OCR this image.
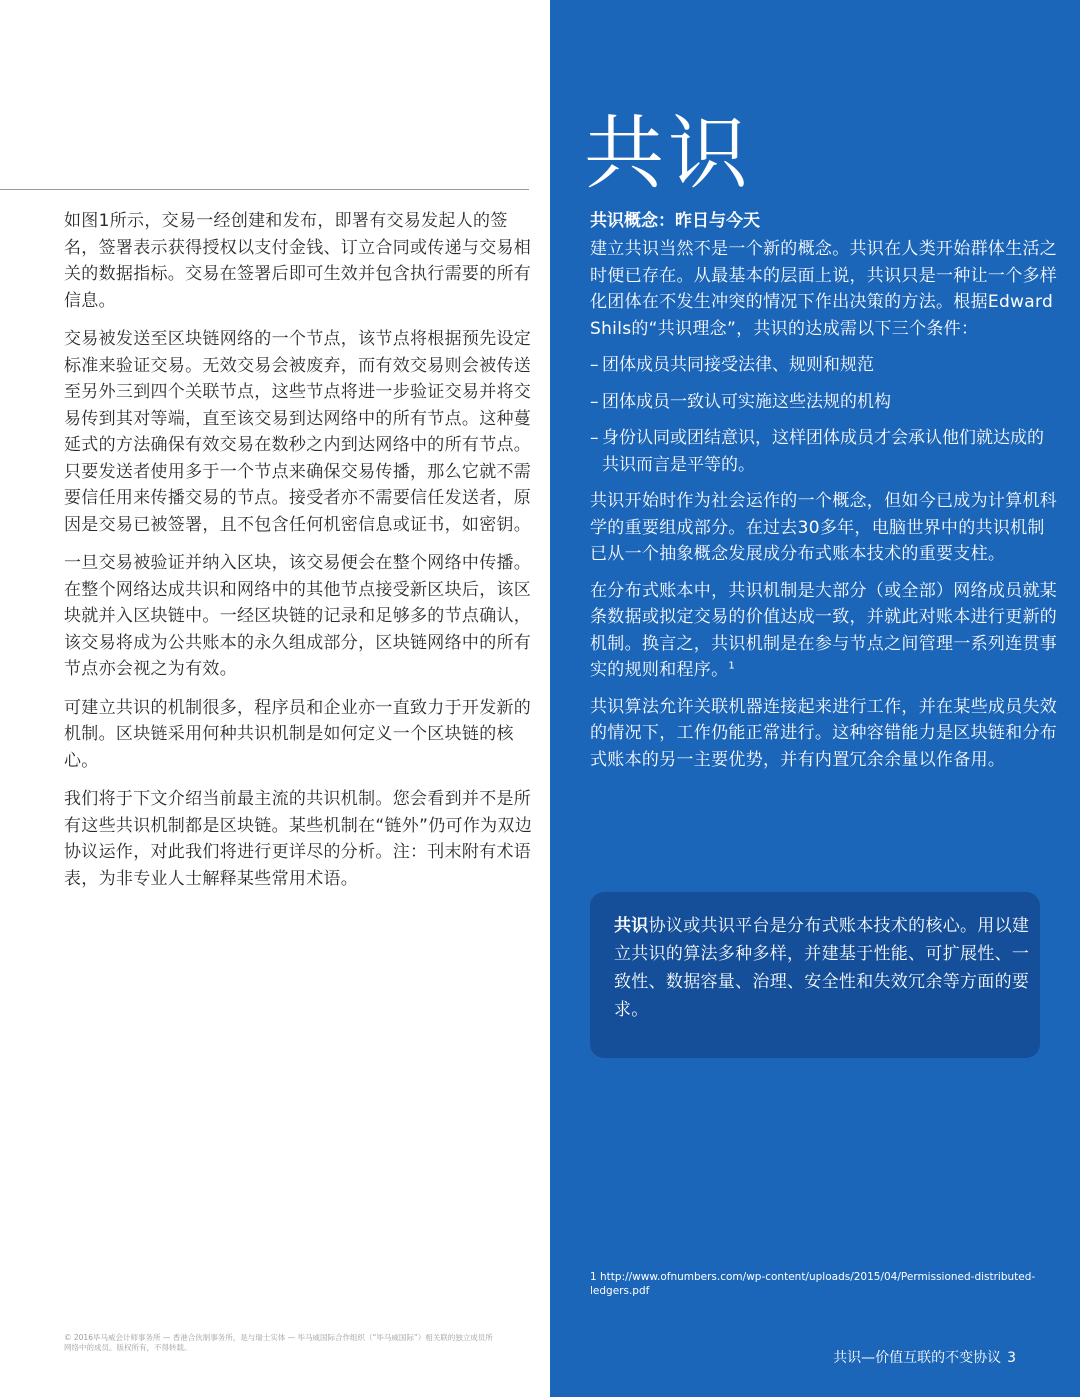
如图1所示，交易一经创建和发布，即署有交易发起人的签名，签署表示获得授权以支付金钱、订立合同或传递与交易相关的数据指标。交易在签署后即可生效并包含执行需要的所有信息。

交易被发送至区块链网络的一个节点，该节点将根据预先设定标准来验证交易。无效交易会被废弃，而有效交易则会被传送至另外三到四个关联节点，这些节点将进一步验证交易并将交易传到其对等端，直至该交易到达网络中的所有节点。这种蔓延式的方法确保有效交易在数秒之内到达网络中的所有节点。只要发送者使用多于一个节点来确保交易传播，那么它就不需要信任用来传播交易的节点。接受者亦不需要信任发送者，原因是交易已被签署，且不包含任何机密信息或证书，如密钥。

一旦交易被验证并纳入区块，该交易便会在整个网络中传播。在整个网络达成共识和网络中的其他节点接受新区块后，该区块就并入区块链中。一经区块链的记录和足够多的节点确认，该交易将成为公共账本的永久组成部分，区块链网络中的所有节点亦会视之为有效。

可建立共识的机制很多，程序员和企业亦一直致力于开发新的机制。区块链采用何种共识机制是如何定义一个区块链的核心。

我们将于下文介绍当前最主流的共识机制。您会看到并不是所有这些共识机制都是区块链。某些机制在“链外”仍可作为双边协议运作，对此我们将进行更详尽的分析。注：刊末附有术语表，为非专业人士解释某些常用术语。

© 2016毕马威会计师事务所 — 香港合伙制事务所，是与瑞士实体 — 毕马威国际合作组织（“毕马威国际”）相关联的独立成员所网络中的成员。版权所有，不得转载。
共识
共识概念：昨日与今天

建立共识当然不是一个新的概念。共识在人类开始群体生活之时便已存在。从最基本的层面上说，共识只是一种让一个多样化团体在不发生冲突的情况下作出决策的方法。根据Edward　Shils的“共识理念”，共识的达成需以下三个条件：

– 团体成员共同接受法律、规则和规范
– 团体成员一致认可实施这些法规的机构
– 身份认同或团结意识，这样团体成员才会承认他们就达成的共识而言是平等的。

共识开始时作为社会运作的一个概念，但如今已成为计算机科学的重要组成部分。在过去30多年，电脑世界中的共识机制已从一个抽象概念发展成分布式账本技术的重要支柱。

在分布式账本中，共识机制是大部分（或全部）网络成员就某条数据或拟定交易的价值达成一致，并就此对账本进行更新的机制。换言之，共识机制是在参与节点之间管理一系列连贯事实的规则和程序。$^1$

共识算法允许关联机器连接起来进行工作，并在某些成员失效的情况下，工作仍能正常进行。这种容错能力是区块链和分布式账本的另一主要优势，并有内置冗余余量以作备用。

共识协议或共识平台是分布式账本技术的核心。用以建立共识的算法多种多样，并建基于性能、可扩展性、一致性、数据容量、治理、安全性和失效冗余等方面的要求。

1 http://www.ofnumbers.com/wp-content/uploads/2015/04/Permissioned-distributed-ledgers.pdf
共识—价值互联的不变协议 3
